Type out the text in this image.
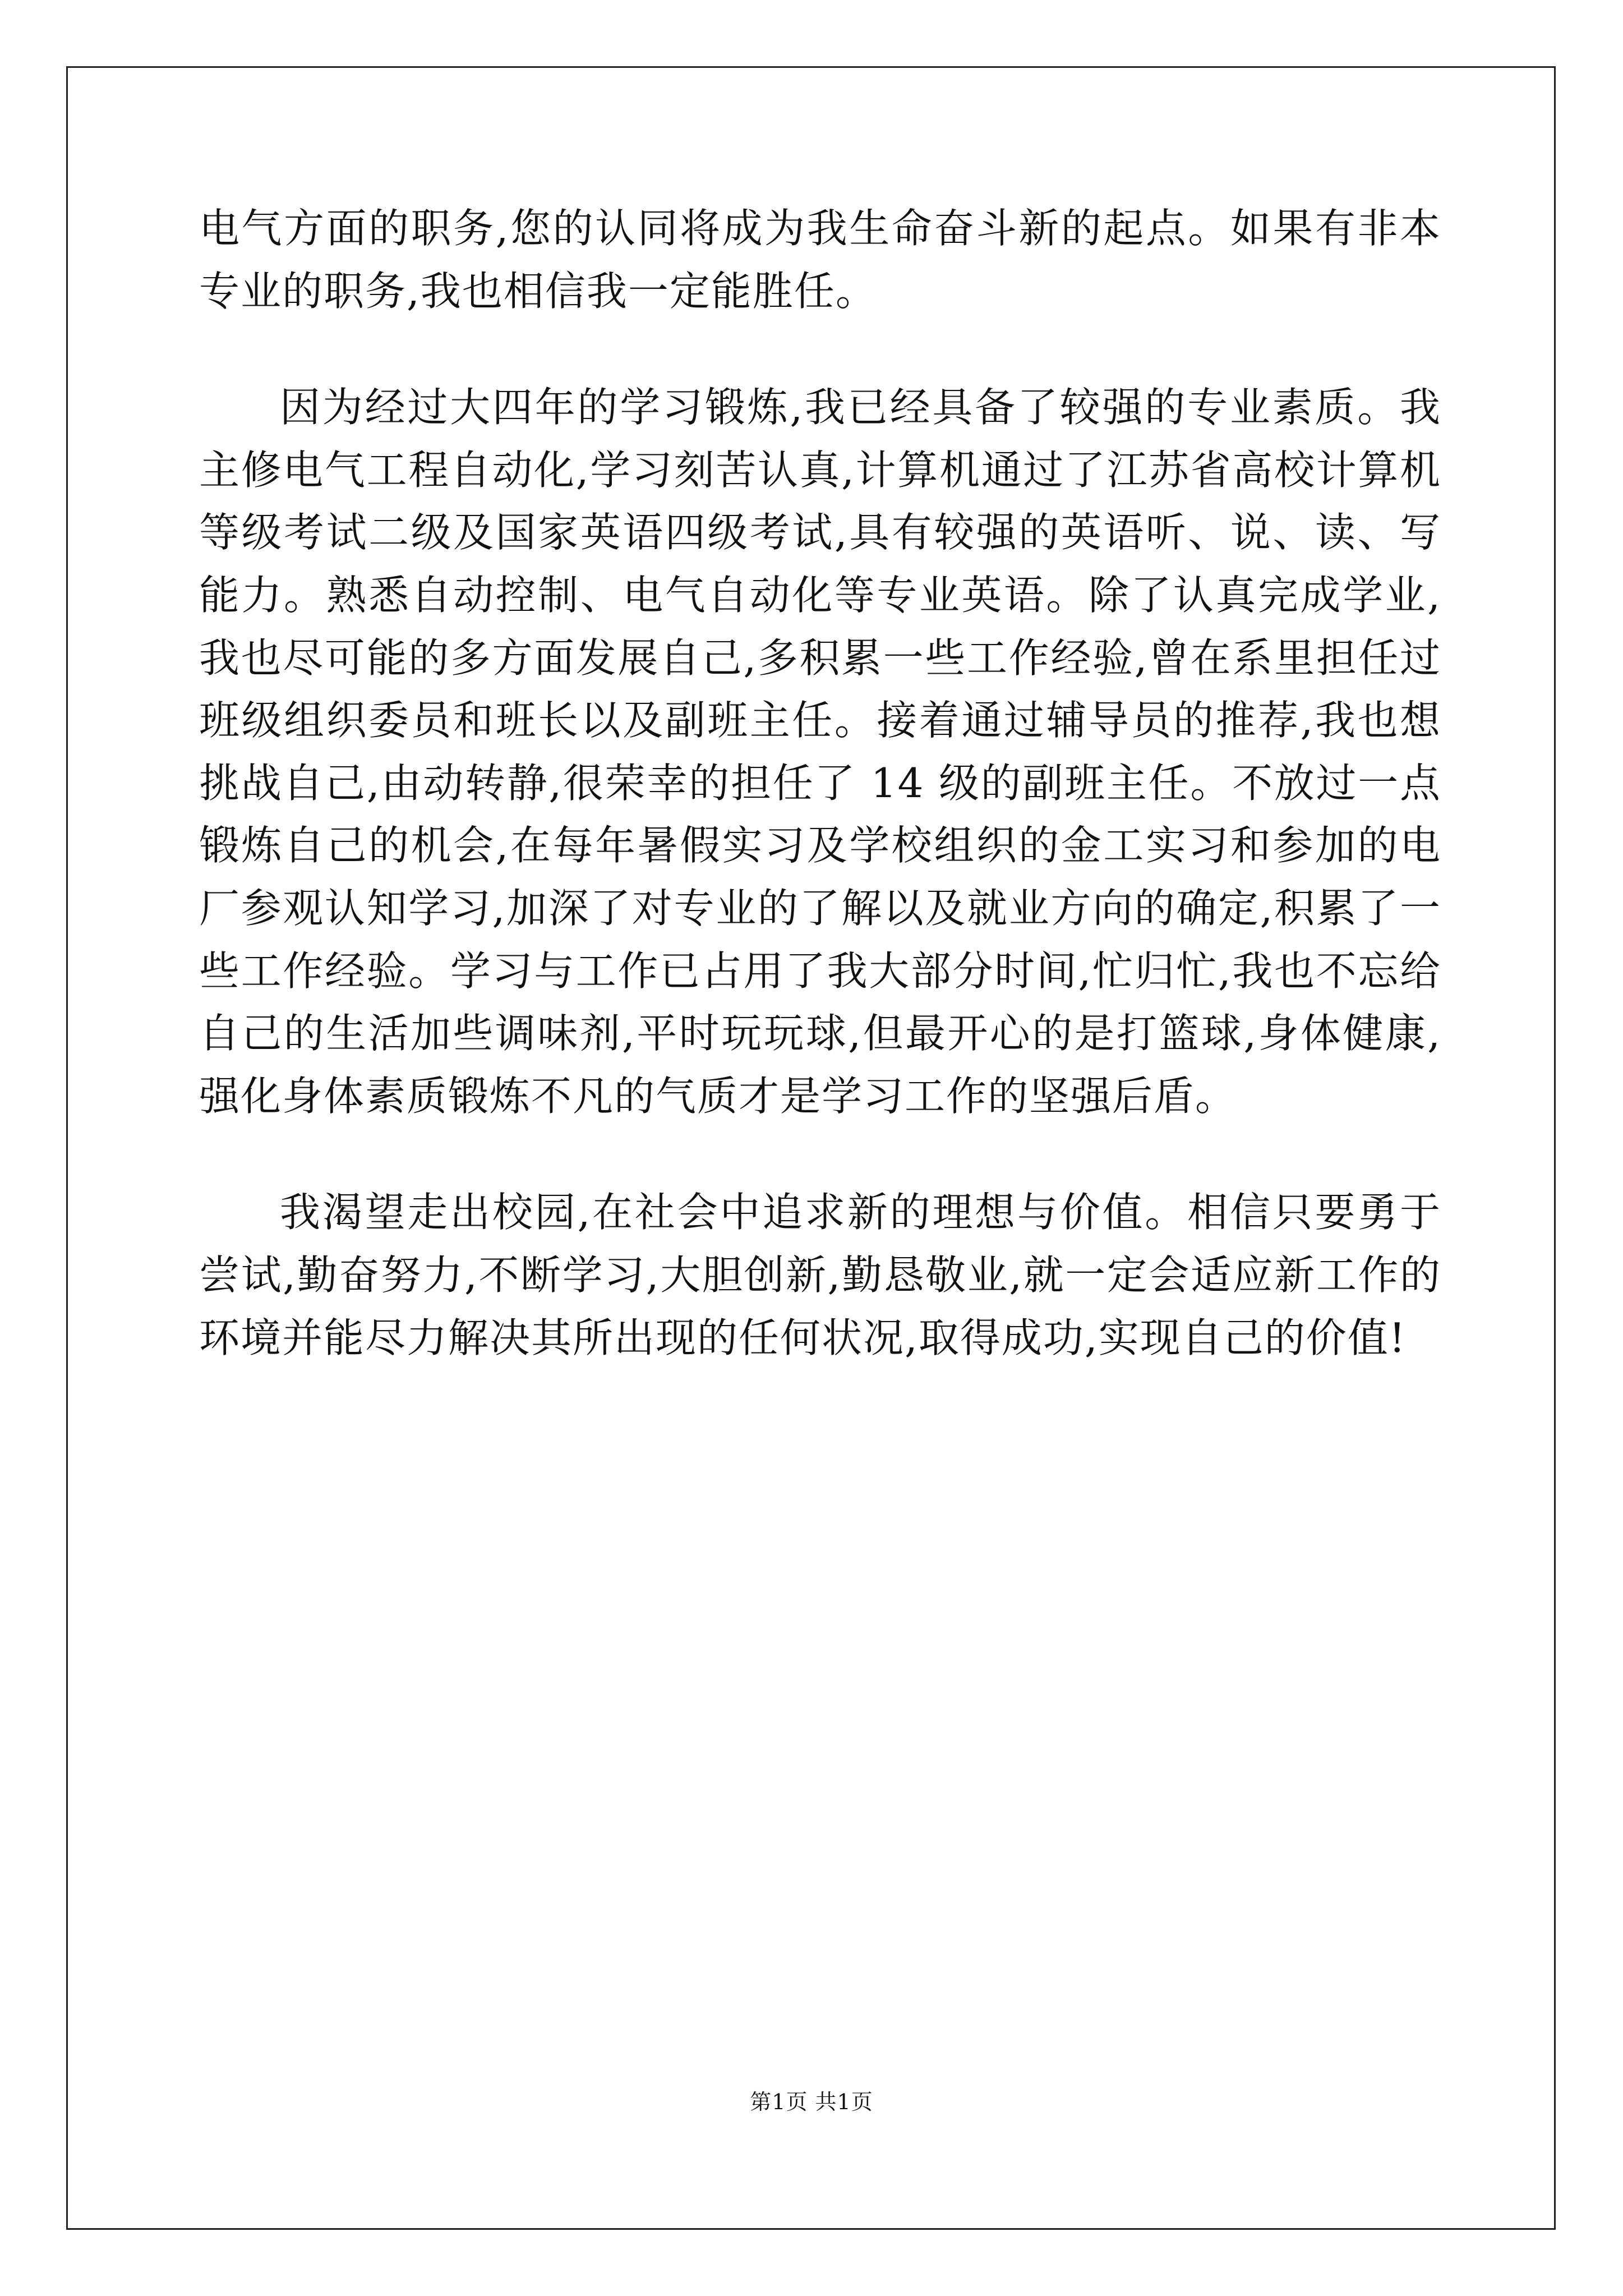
电气方面的职务,您的认同将成为我生命奋斗新的起点。如果有非本专业的职务,我也相信我一定能胜任。

因为经过大四年的学习锻炼,我已经具备了较强的专业素质。我主修电气工程自动化,学习刻苦认真,计算机通过了江苏省高校计算机等级考试二级及国家英语四级考试,具有较强的英语听、说、读、写能力。熟悉自动控制、电气自动化等专业英语。除了认真完成学业,我也尽可能的多方面发展自己,多积累一些工作经验,曾在系里担任过班级组织委员和班长以及副班主任。接着通过辅导员的推荐,我也想挑战自己,由动转静,很荣幸的担任了 14 级的副班主任。不放过一点锻炼自己的机会,在每年暑假实习及学校组织的金工实习和参加的电厂参观认知学习,加深了对专业的了解以及就业方向的确定,积累了一些工作经验。学习与工作已占用了我大部分时间,忙归忙,我也不忘给自己的生活加些调味剂,平时玩玩球,但最开心的是打篮球,身体健康,强化身体素质锻炼不凡的气质才是学习工作的坚强后盾。

我渴望走出校园,在社会中追求新的理想与价值。相信只要勇于尝试,勤奋努力,不断学习,大胆创新,勤恳敬业,就一定会适应新工作的环境并能尽力解决其所出现的任何状况,取得成功,实现自己的价值!

第1页 共1页
